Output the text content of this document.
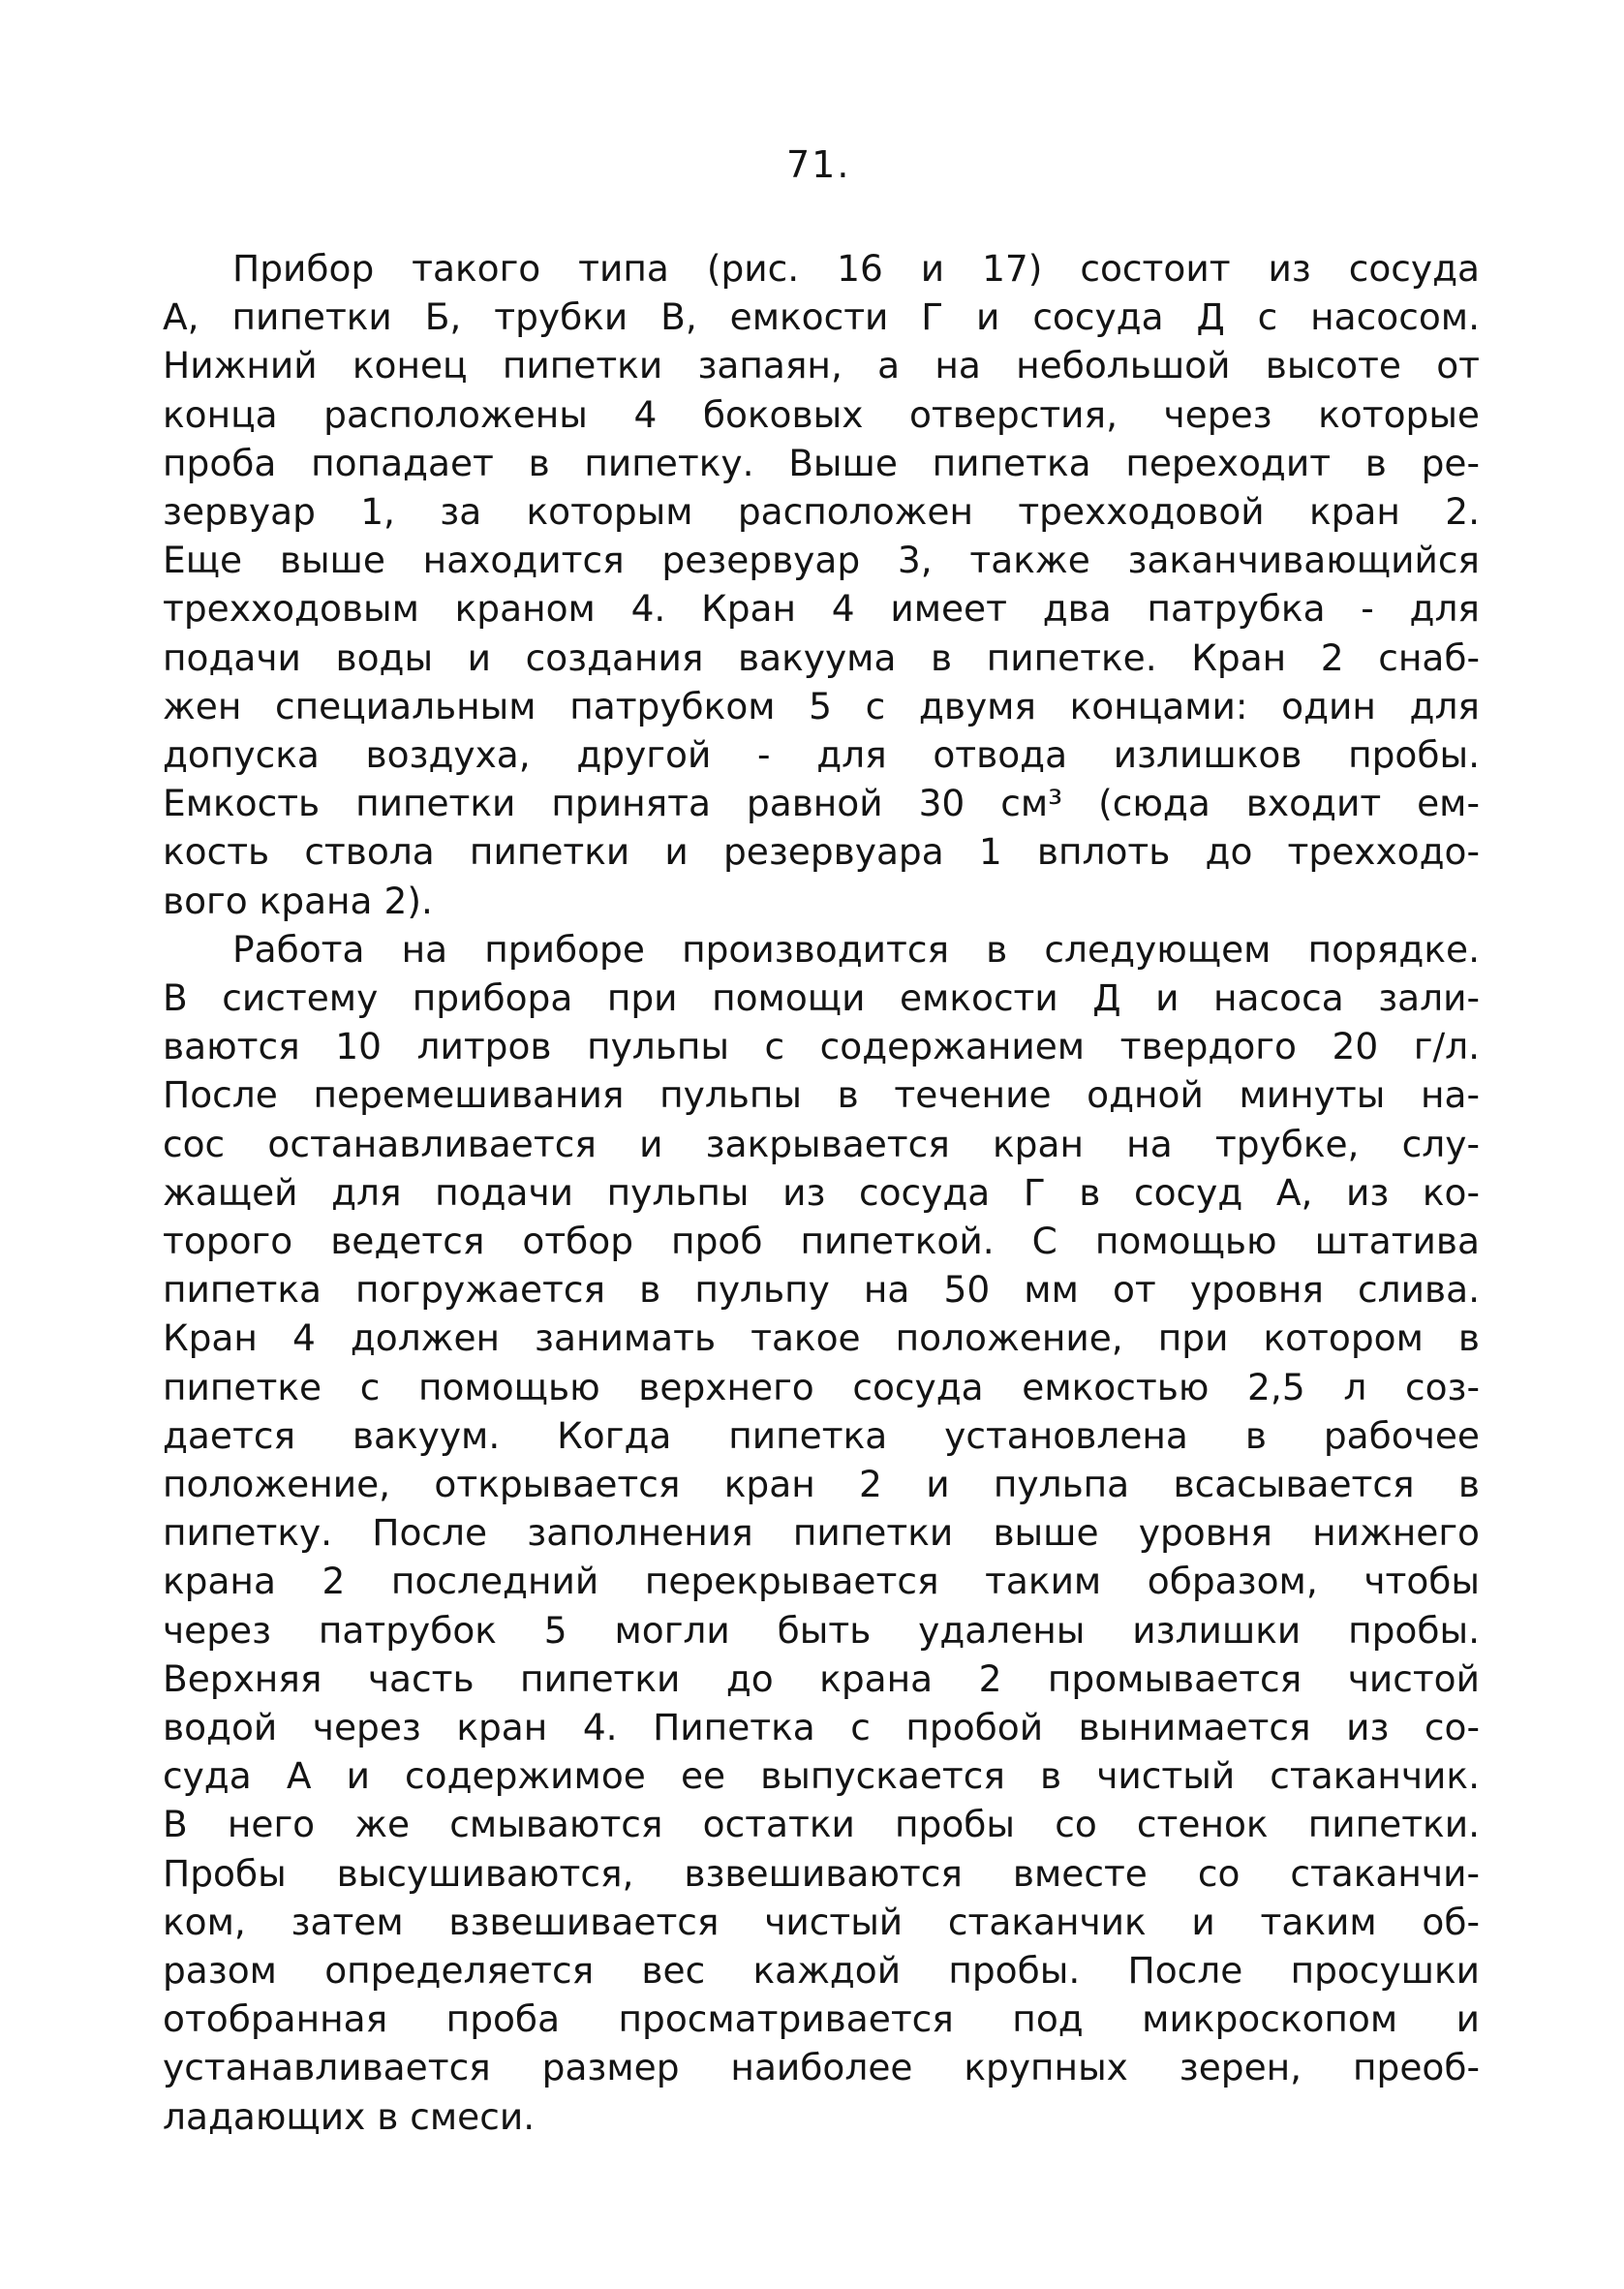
71.
Прибор такого типа (рис. 16 и 17) состоит из сосуда
А, пипетки Б, трубки В, емкости Г и сосуда Д с насосом.
Нижний конец пипетки запаян, а на небольшой высоте от
конца расположены 4 боковых отверстия, через которые
проба попадает в пипетку. Выше пипетка переходит в ре-
зервуар 1, за которым расположен трехходовой кран 2.
Еще выше находится резервуар 3, также заканчивающийся
трехходовым краном 4. Кран 4 имеет два патрубка - для
подачи воды и создания вакуума в пипетке. Кран 2 снаб-
жен специальным патрубком 5 с двумя концами: один для
допуска воздуха, другой - для отвода излишков пробы.
Емкость пипетки принята равной 30 см³ (сюда входит ем-
кость ствола пипетки и резервуара 1 вплоть до трехходо-
вого крана 2).
Работа на приборе производится в следующем порядке.
В систему прибора при помощи емкости Д и насоса зали-
ваются 10 литров пульпы с содержанием твердого 20 г/л.
После перемешивания пульпы в течение одной минуты на-
сос останавливается и закрывается кран на трубке, слу-
жащей для подачи пульпы из сосуда Г в сосуд А, из ко-
торого ведется отбор проб пипеткой. С помощью штатива
пипетка погружается в пульпу на 50 мм от уровня слива.
Кран 4 должен занимать такое положение, при котором в
пипетке с помощью верхнего сосуда емкостью 2,5 л соз-
дается вакуум. Когда пипетка установлена в рабочее
положение, открывается кран 2 и пульпа всасывается в
пипетку. После заполнения пипетки выше уровня нижнего
крана 2 последний перекрывается таким образом, чтобы
через патрубок 5 могли быть удалены излишки пробы.
Верхняя часть пипетки до крана 2 промывается чистой
водой через кран 4. Пипетка с пробой вынимается из со-
суда А и содержимое ее выпускается в чистый стаканчик.
В него же смываются остатки пробы со стенок пипетки.
Пробы высушиваются, взвешиваются вместе со стаканчи-
ком, затем взвешивается чистый стаканчик и таким об-
разом определяется вес каждой пробы. После просушки
отобранная проба просматривается под микроскопом и
устанавливается размер наиболее крупных зерен, преоб-
ладающих в смеси.
